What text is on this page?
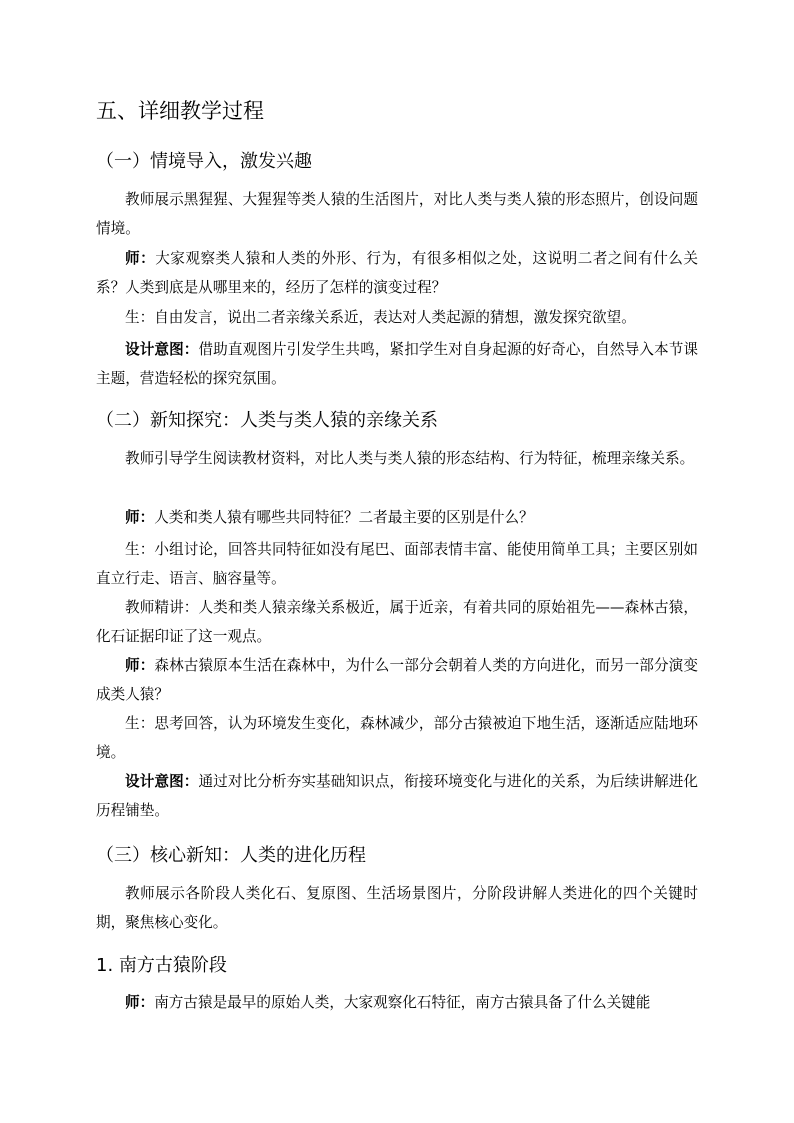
五、详细教学过程
（一）情境导入，激发兴趣

教师展示黑猩猩、大猩猩等类人猿的生活图片，对比人类与类人猿的形态照片，创设问题情境。

师：大家观察类人猿和人类的外形、行为，有很多相似之处，这说明二者之间有什么关系？人类到底是从哪里来的，经历了怎样的演变过程？

生：自由发言，说出二者亲缘关系近，表达对人类起源的猜想，激发探究欲望。

设计意图：借助直观图片引发学生共鸣，紧扣学生对自身起源的好奇心，自然导入本节课主题，营造轻松的探究氛围。

（二）新知探究：人类与类人猿的亲缘关系

教师引导学生阅读教材资料，对比人类与类人猿的形态结构、行为特征，梳理亲缘关系。

师：人类和类人猿有哪些共同特征？二者最主要的区别是什么？

生：小组讨论，回答共同特征如没有尾巴、面部表情丰富、能使用简单工具；主要区别如直立行走、语言、脑容量等。

教师精讲：人类和类人猿亲缘关系极近，属于近亲，有着共同的原始祖先——森林古猿，化石证据印证了这一观点。

师：森林古猿原本生活在森林中，为什么一部分会朝着人类的方向进化，而另一部分演变成类人猿？

生：思考回答，认为环境发生变化，森林减少，部分古猿被迫下地生活，逐渐适应陆地环境。

设计意图：通过对比分析夯实基础知识点，衔接环境变化与进化的关系，为后续讲解进化历程铺垫。

（三）核心新知：人类的进化历程

教师展示各阶段人类化石、复原图、生活场景图片，分阶段讲解人类进化的四个关键时期，聚焦核心变化。

1. 南方古猿阶段

师：南方古猿是最早的原始人类，大家观察化石特征，南方古猿具备了什么关键能
